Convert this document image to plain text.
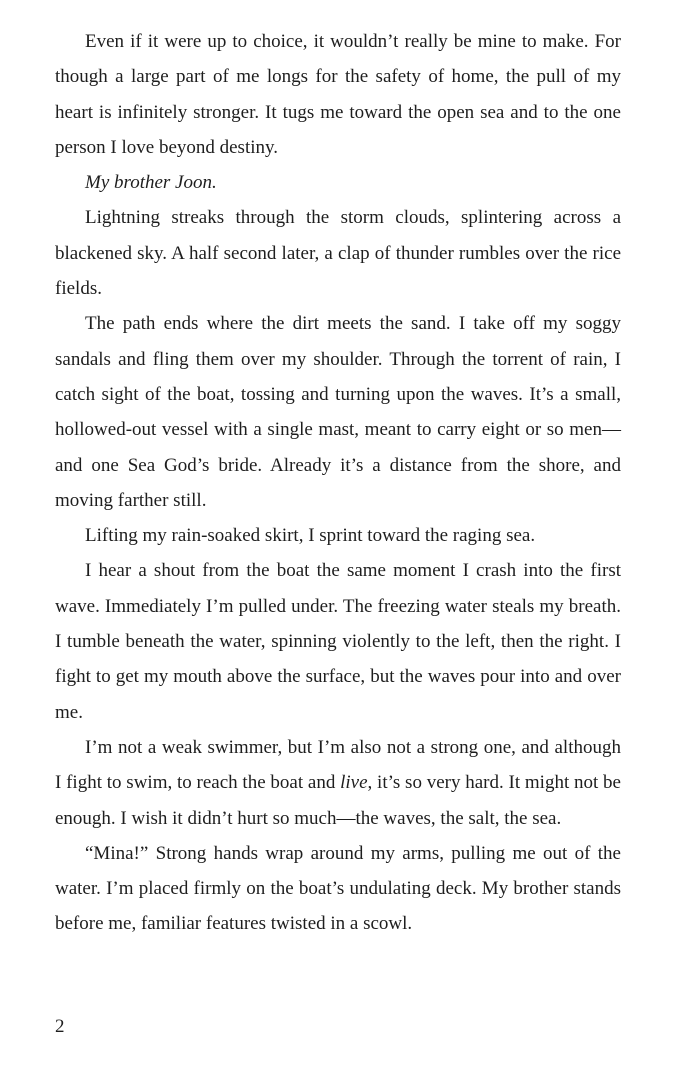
Even if it were up to choice, it wouldn’t really be mine to make. For though a large part of me longs for the safety of home, the pull of my heart is infinitely stronger. It tugs me toward the open sea and to the one person I love beyond destiny.

My brother Joon.

Lightning streaks through the storm clouds, splintering across a blackened sky. A half second later, a clap of thunder rumbles over the rice fields.

The path ends where the dirt meets the sand. I take off my soggy sandals and fling them over my shoulder. Through the torrent of rain, I catch sight of the boat, tossing and turning upon the waves. It’s a small, hollowed-out vessel with a single mast, meant to carry eight or so men—and one Sea God’s bride. Already it’s a distance from the shore, and moving farther still.

Lifting my rain-soaked skirt, I sprint toward the raging sea.

I hear a shout from the boat the same moment I crash into the first wave. Immediately I’m pulled under. The freezing water steals my breath. I tumble beneath the water, spinning violently to the left, then the right. I fight to get my mouth above the surface, but the waves pour into and over me.

I’m not a weak swimmer, but I’m also not a strong one, and although I fight to swim, to reach the boat and live, it’s so very hard. It might not be enough. I wish it didn’t hurt so much—the waves, the salt, the sea.

“Mina!” Strong hands wrap around my arms, pulling me out of the water. I’m placed firmly on the boat’s undulating deck. My brother stands before me, familiar features twisted in a scowl.

2
